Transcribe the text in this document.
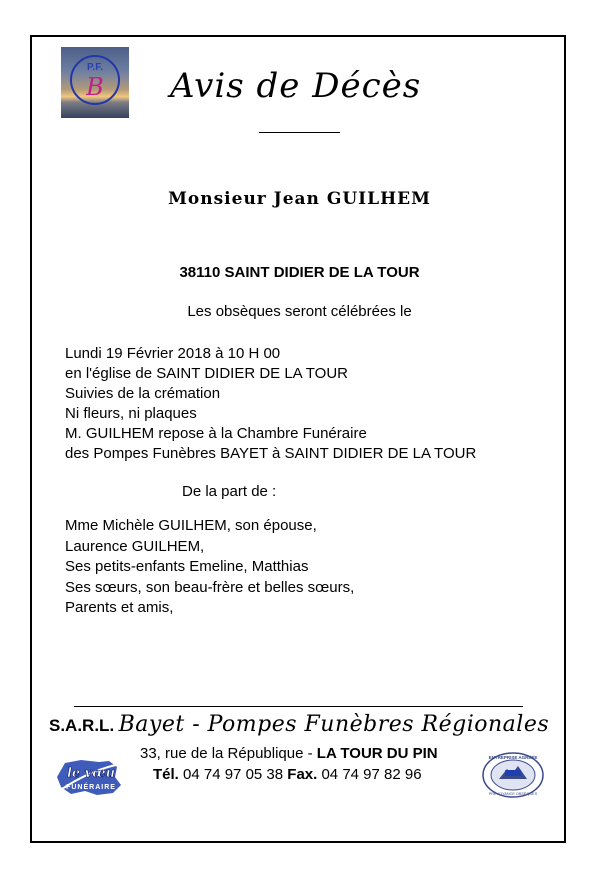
P.F.
B	Avis de Décès
Monsieur Jean GUILHEM
38110 SAINT DIDIER DE LA TOUR
Les obsèques seront célébrées le
Lundi 19 Février 2018 à 10 H 00
en l'église de SAINT DIDIER DE LA TOUR
Suivies de la crémation
Ni fleurs, ni plaques
M. GUILHEM repose à la Chambre Funéraire
des Pompes Funèbres BAYET à SAINT DIDIER DE LA TOUR
De la part de :
Mme Michèle GUILHEM, son épouse,
Laurence GUILHEM,
Ses petits-enfants Emeline, Matthias
Ses sœurs, son beau-frère et belles sœurs,
Parents et amis,
S.A.R.L. Bayet - Pompes Funèbres Régionales
33, rue de la République - LA TOUR DU PIN
Tél. 04 74 97 05 38 Fax. 04 74 97 82 96
le vœu
FUNÉRAIRE
ENTREPRISE AGRÉÉE
PRÉVOYANCE OBSÈQUES
